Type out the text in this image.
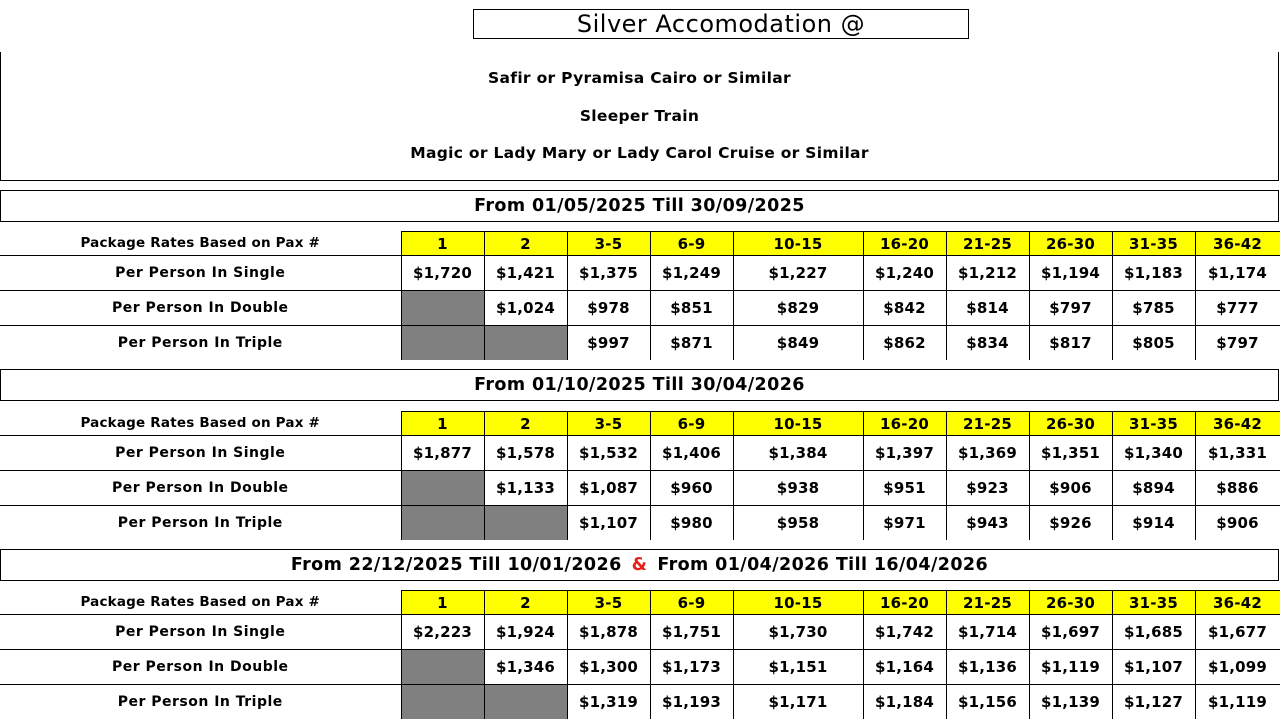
Silver Accomodation @
Safir or Pyramisa Cairo or Similar
Sleeper Train
Magic or Lady Mary or Lady Carol Cruise or Similar
From 01/05/2025 Till 30/09/2025
Package Rates Based on Pax #	1	2	3-5	6-9	10-15	16-20	21-25	26-30	31-35	36-42
Per Person In Single	$1,720	$1,421	$1,375	$1,249	$1,227	$1,240	$1,212	$1,194	$1,183	$1,174
Per Person In Double		$1,024	$978	$851	$829	$842	$814	$797	$785	$777
Per Person In Triple			$997	$871	$849	$862	$834	$817	$805	$797
From 01/10/2025 Till 30/04/2026
Package Rates Based on Pax #	1	2	3-5	6-9	10-15	16-20	21-25	26-30	31-35	36-42
Per Person In Single	$1,877	$1,578	$1,532	$1,406	$1,384	$1,397	$1,369	$1,351	$1,340	$1,331
Per Person In Double		$1,133	$1,087	$960	$938	$951	$923	$906	$894	$886
Per Person In Triple			$1,107	$980	$958	$971	$943	$926	$914	$906
From 22/12/2025 Till 10/01/2026 & From 01/04/2026 Till 16/04/2026
Package Rates Based on Pax #	1	2	3-5	6-9	10-15	16-20	21-25	26-30	31-35	36-42
Per Person In Single	$2,223	$1,924	$1,878	$1,751	$1,730	$1,742	$1,714	$1,697	$1,685	$1,677
Per Person In Double		$1,346	$1,300	$1,173	$1,151	$1,164	$1,136	$1,119	$1,107	$1,099
Per Person In Triple			$1,319	$1,193	$1,171	$1,184	$1,156	$1,139	$1,127	$1,119
